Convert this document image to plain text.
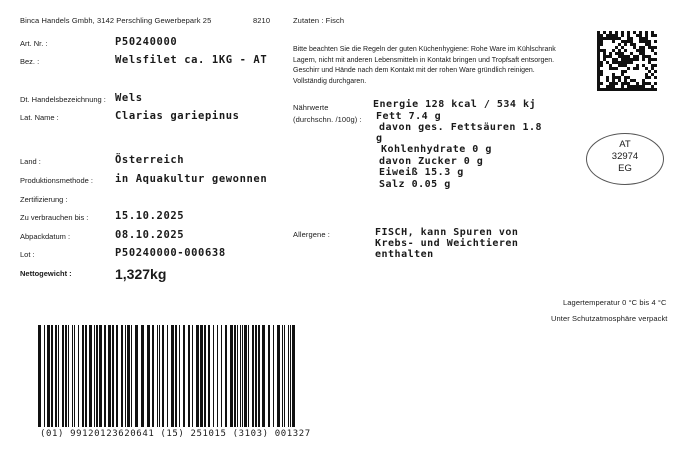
Binca Handels Gmbh, 3142 Perschling Gewerbepark 25	8210
Art. Nr. :	P50240000
Bez. :	Welsfilet ca. 1KG - AT
Dt. Handelsbezeichnung : Wels
Lat. Name :	Clarias gariepinus
Land :	Österreich
Produktionsmethode : in Aquakultur gewonnen
Zertifizierung :
Zu verbrauchen bis :	15.10.2025
Abpackdatum :	08.10.2025
Lot :	P50240000-000638
Nettogewicht :	1,327kg
Zutaten : Fisch
Bitte beachten Sie die Regeln der guten Küchenhygiene: Rohe Ware im Kühlschrank Lagern, nicht mit anderen Lebensmitteln in Kontakt bringen und Tropfsaft entsorgen. Geschirr und Hände nach dem Kontakt mit der rohen Ware gründlich reinigen. Vollständig durchgaren.
Nährwerte
(durchschn. /100g) :
Energie 128 kcal / 534 kj
Fett 7.4 g
davon ges. Fettsäuren 1.8
g
Kohlenhydrate 0 g
davon Zucker 0 g
Eiweiß 15.3 g
Salz 0.05 g
Allergene :	FISCH, kann Spuren von
Krebs- und Weichtieren
enthalten
AT
32974
EG
Lagertemperatur 0 °C bis 4 °C
Unter Schutzatmosphäre verpackt
(01) 99120123620641 (15) 251015 (3103) 001327
